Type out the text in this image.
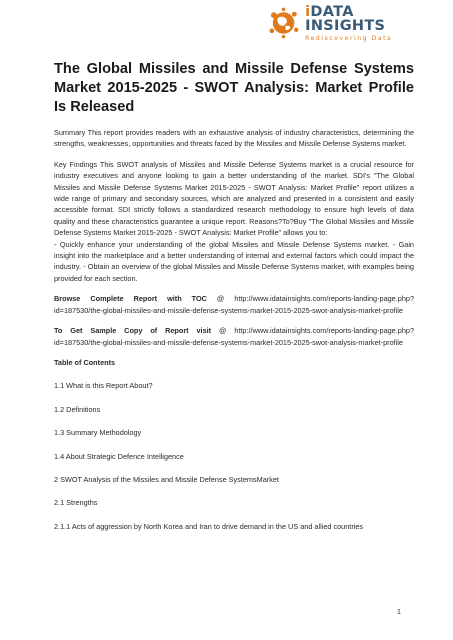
iDATA INSIGHTS
Rediscovering Data
The Global Missiles and Missile Defense Systems Market 2015-2025 - SWOT Analysis: Market Profile Is Released

Summary This report provides readers with an exhaustive analysis of industry characteristics, determining the strengths, weaknesses, opportunities and threats faced by the Missiles and Missile Defense Systems market.

Key Findings This SWOT analysis of Missiles and Missile Defense Systems market is a crucial resource for industry executives and anyone looking to gain a better understanding of the market. SDI's "The Global Missiles and Missile Defense Systems Market 2015-2025 - SWOT Analysis: Market Profile" report utilizes a wide range of primary and secondary sources, which are analyzed and presented in a consistent and easily accessible format. SDI strictly follows a standardized research methodology to ensure high levels of data quality and these characteristics guarantee a unique report. Reasons?To?Buy "The Global Missiles and Missile Defense Systems Market 2015-2025 - SWOT Analysis: Market Profile" allows you to:
- Quickly enhance your understanding of the global Missiles and Missile Defense Systems market. - Gain insight into the marketplace and a better understanding of internal and external factors which could impact the industry. - Obtain an overview of the global Missiles and Missile Defense Systems market, with examples being provided for each section.

Browse Complete Report with TOC @ http://www.idatainsights.com/reports-landing-page.php?id=187530/the-global-missiles-and-missile-defense-systems-market-2015-2025-swot-analysis-market-profile

To Get Sample Copy of Report visit @ http://www.idatainsights.com/reports-landing-page.php?id=187530/the-global-missiles-and-missile-defense-systems-market-2015-2025-swot-analysis-market-profile

Table of Contents

1.1 What is this Report About?

1.2 Definitions

1.3 Summary Methodology

1.4 About Strategic Defence Intelligence

2 SWOT Analysis of the Missiles and Missile Defense SystemsMarket

2.1 Strengths

2.1.1 Acts of aggression by North Korea and Iran to drive demand in the US and allied countries

1
